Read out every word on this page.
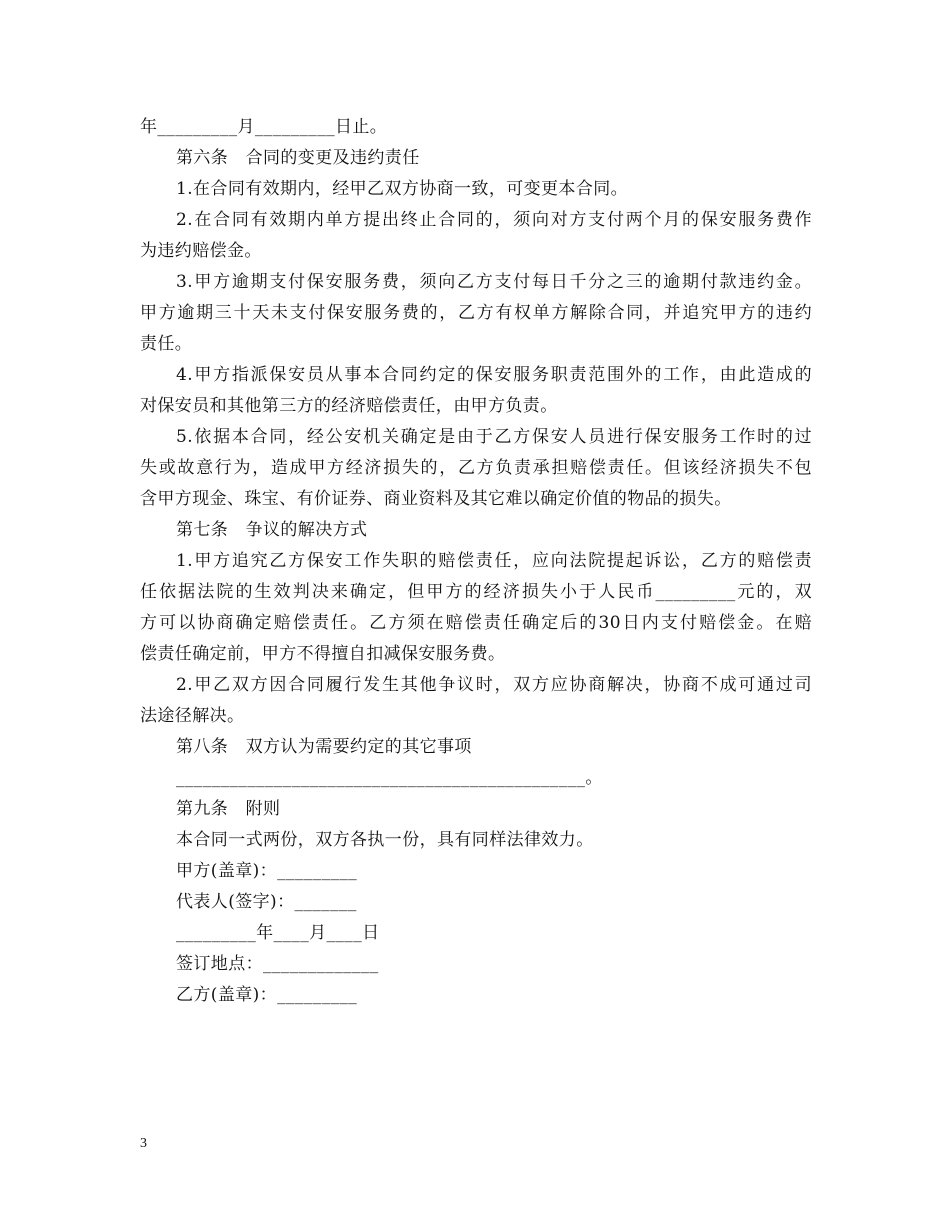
年_________月_________日止。
第六条　合同的变更及违约责任
1.在合同有效期内，经甲乙双方协商一致，可变更本合同。
2.在合同有效期内单方提出终止合同的，须向对方支付两个月的保安服务费作
为违约赔偿金。
3.甲方逾期支付保安服务费，须向乙方支付每日千分之三的逾期付款违约金。
甲方逾期三十天未支付保安服务费的，乙方有权单方解除合同，并追究甲方的违约
责任。
4.甲方指派保安员从事本合同约定的保安服务职责范围外的工作，由此造成的
对保安员和其他第三方的经济赔偿责任，由甲方负责。
5.依据本合同，经公安机关确定是由于乙方保安人员进行保安服务工作时的过
失或故意行为，造成甲方经济损失的，乙方负责承担赔偿责任。但该经济损失不包
含甲方现金、珠宝、有价证券、商业资料及其它难以确定价值的物品的损失。
第七条　争议的解决方式
1.甲方追究乙方保安工作失职的赔偿责任，应向法院提起诉讼，乙方的赔偿责
任依据法院的生效判决来确定，但甲方的经济损失小于人民币_________元的，双
方可以协商确定赔偿责任。乙方须在赔偿责任确定后的30日内支付赔偿金。在赔
偿责任确定前，甲方不得擅自扣减保安服务费。
2.甲乙双方因合同履行发生其他争议时，双方应协商解决，协商不成可通过司
法途径解决。
第八条　双方认为需要约定的其它事项
______________________________________________。
第九条　附则
本合同一式两份，双方各执一份，具有同样法律效力。
甲方(盖章)：_________
代表人(签字)：_______
_________年____月____日
签订地点：_____________
乙方(盖章)：_________
3
